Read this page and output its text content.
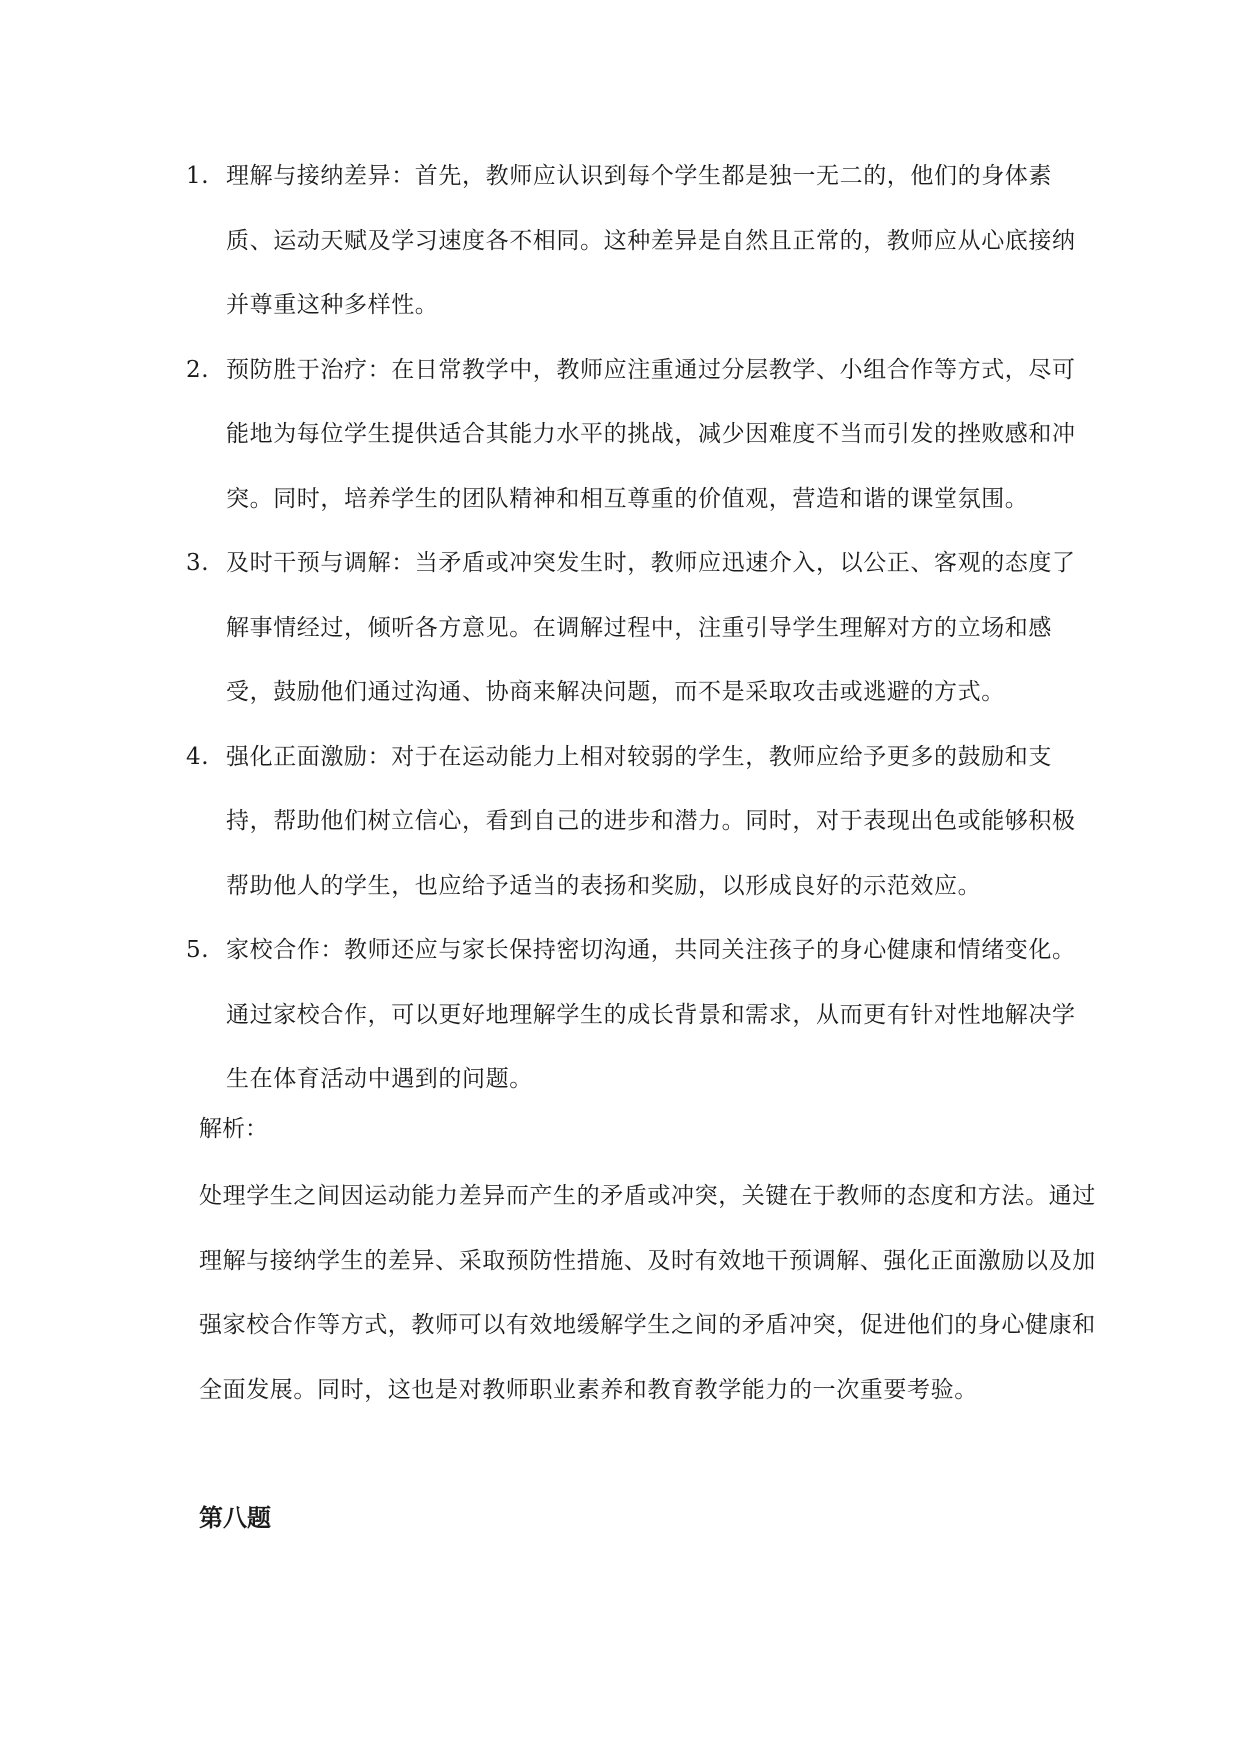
1. 理解与接纳差异：首先，教师应认识到每个学生都是独一无二的，他们的身体素质、运动天赋及学习速度各不相同。这种差异是自然且正常的，教师应从心底接纳并尊重这种多样性。
2. 预防胜于治疗：在日常教学中，教师应注重通过分层教学、小组合作等方式，尽可能地为每位学生提供适合其能力水平的挑战，减少因难度不当而引发的挫败感和冲突。同时，培养学生的团队精神和相互尊重的价值观，营造和谐的课堂氛围。
3. 及时干预与调解：当矛盾或冲突发生时，教师应迅速介入，以公正、客观的态度了解事情经过，倾听各方意见。在调解过程中，注重引导学生理解对方的立场和感受，鼓励他们通过沟通、协商来解决问题，而不是采取攻击或逃避的方式。
4. 强化正面激励：对于在运动能力上相对较弱的学生，教师应给予更多的鼓励和支持，帮助他们树立信心，看到自己的进步和潜力。同时，对于表现出色或能够积极帮助他人的学生，也应给予适当的表扬和奖励，以形成良好的示范效应。
5. 家校合作：教师还应与家长保持密切沟通，共同关注孩子的身心健康和情绪变化。通过家校合作，可以更好地理解学生的成长背景和需求，从而更有针对性地解决学生在体育活动中遇到的问题。
解析：

处理学生之间因运动能力差异而产生的矛盾或冲突，关键在于教师的态度和方法。通过理解与接纳学生的差异、采取预防性措施、及时有效地干预调解、强化正面激励以及加强家校合作等方式，教师可以有效地缓解学生之间的矛盾冲突，促进他们的身心健康和全面发展。同时，这也是对教师职业素养和教育教学能力的一次重要考验。

第八题
